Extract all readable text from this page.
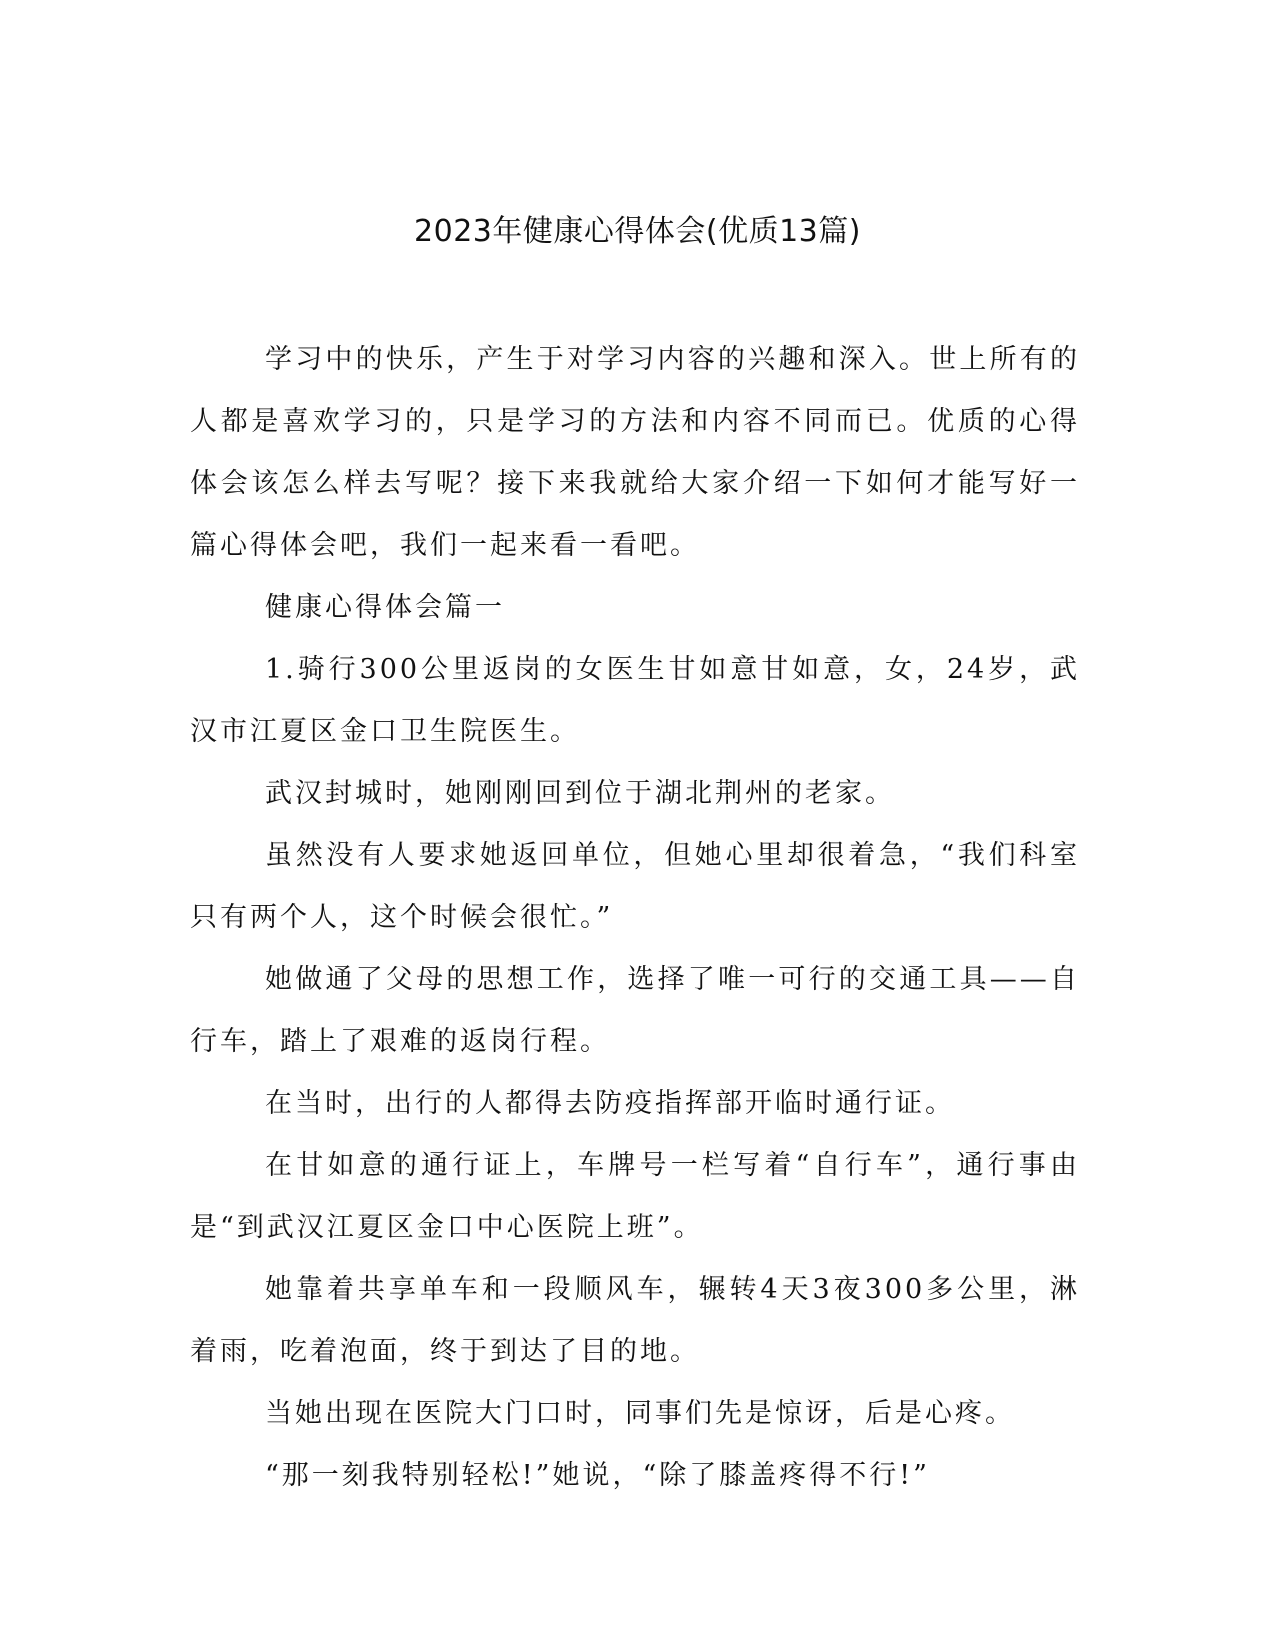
2023年健康心得体会(优质13篇)

学习中的快乐，产生于对学习内容的兴趣和深入。世上所有的人都是喜欢学习的，只是学习的方法和内容不同而已。优质的心得体会该怎么样去写呢？接下来我就给大家介绍一下如何才能写好一篇心得体会吧，我们一起来看一看吧。

健康心得体会篇一

1.骑行300公里返岗的女医生甘如意甘如意，女，24岁，武汉市江夏区金口卫生院医生。

武汉封城时，她刚刚回到位于湖北荆州的老家。

虽然没有人要求她返回单位，但她心里却很着急，“我们科室只有两个人，这个时候会很忙。”

她做通了父母的思想工作，选择了唯一可行的交通工具——自行车，踏上了艰难的返岗行程。

在当时，出行的人都得去防疫指挥部开临时通行证。

在甘如意的通行证上，车牌号一栏写着“自行车”，通行事由是“到武汉江夏区金口中心医院上班”。

她靠着共享单车和一段顺风车，辗转4天3夜300多公里，淋着雨，吃着泡面，终于到达了目的地。

当她出现在医院大门口时，同事们先是惊讶，后是心疼。

“那一刻我特别轻松!”她说，“除了膝盖疼得不行!”
